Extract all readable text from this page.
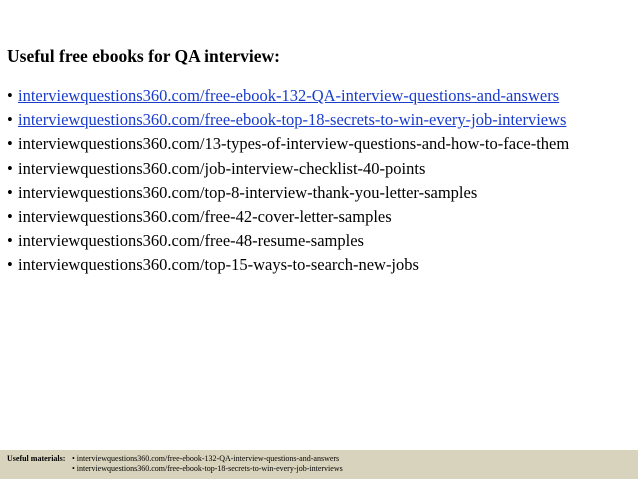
Useful free ebooks for QA interview:
• interviewquestions360.com/free-ebook-132-QA-interview-questions-and-answers
• interviewquestions360.com/free-ebook-top-18-secrets-to-win-every-job-interviews
• interviewquestions360.com/13-types-of-interview-questions-and-how-to-face-them
• interviewquestions360.com/job-interview-checklist-40-points
• interviewquestions360.com/top-8-interview-thank-you-letter-samples
• interviewquestions360.com/free-42-cover-letter-samples
• interviewquestions360.com/free-48-resume-samples
• interviewquestions360.com/top-15-ways-to-search-new-jobs
Useful materials: • interviewquestions360.com/free-ebook-132-QA-interview-questions-and-answers
• interviewquestions360.com/free-ebook-top-18-secrets-to-win-every-job-interviews
